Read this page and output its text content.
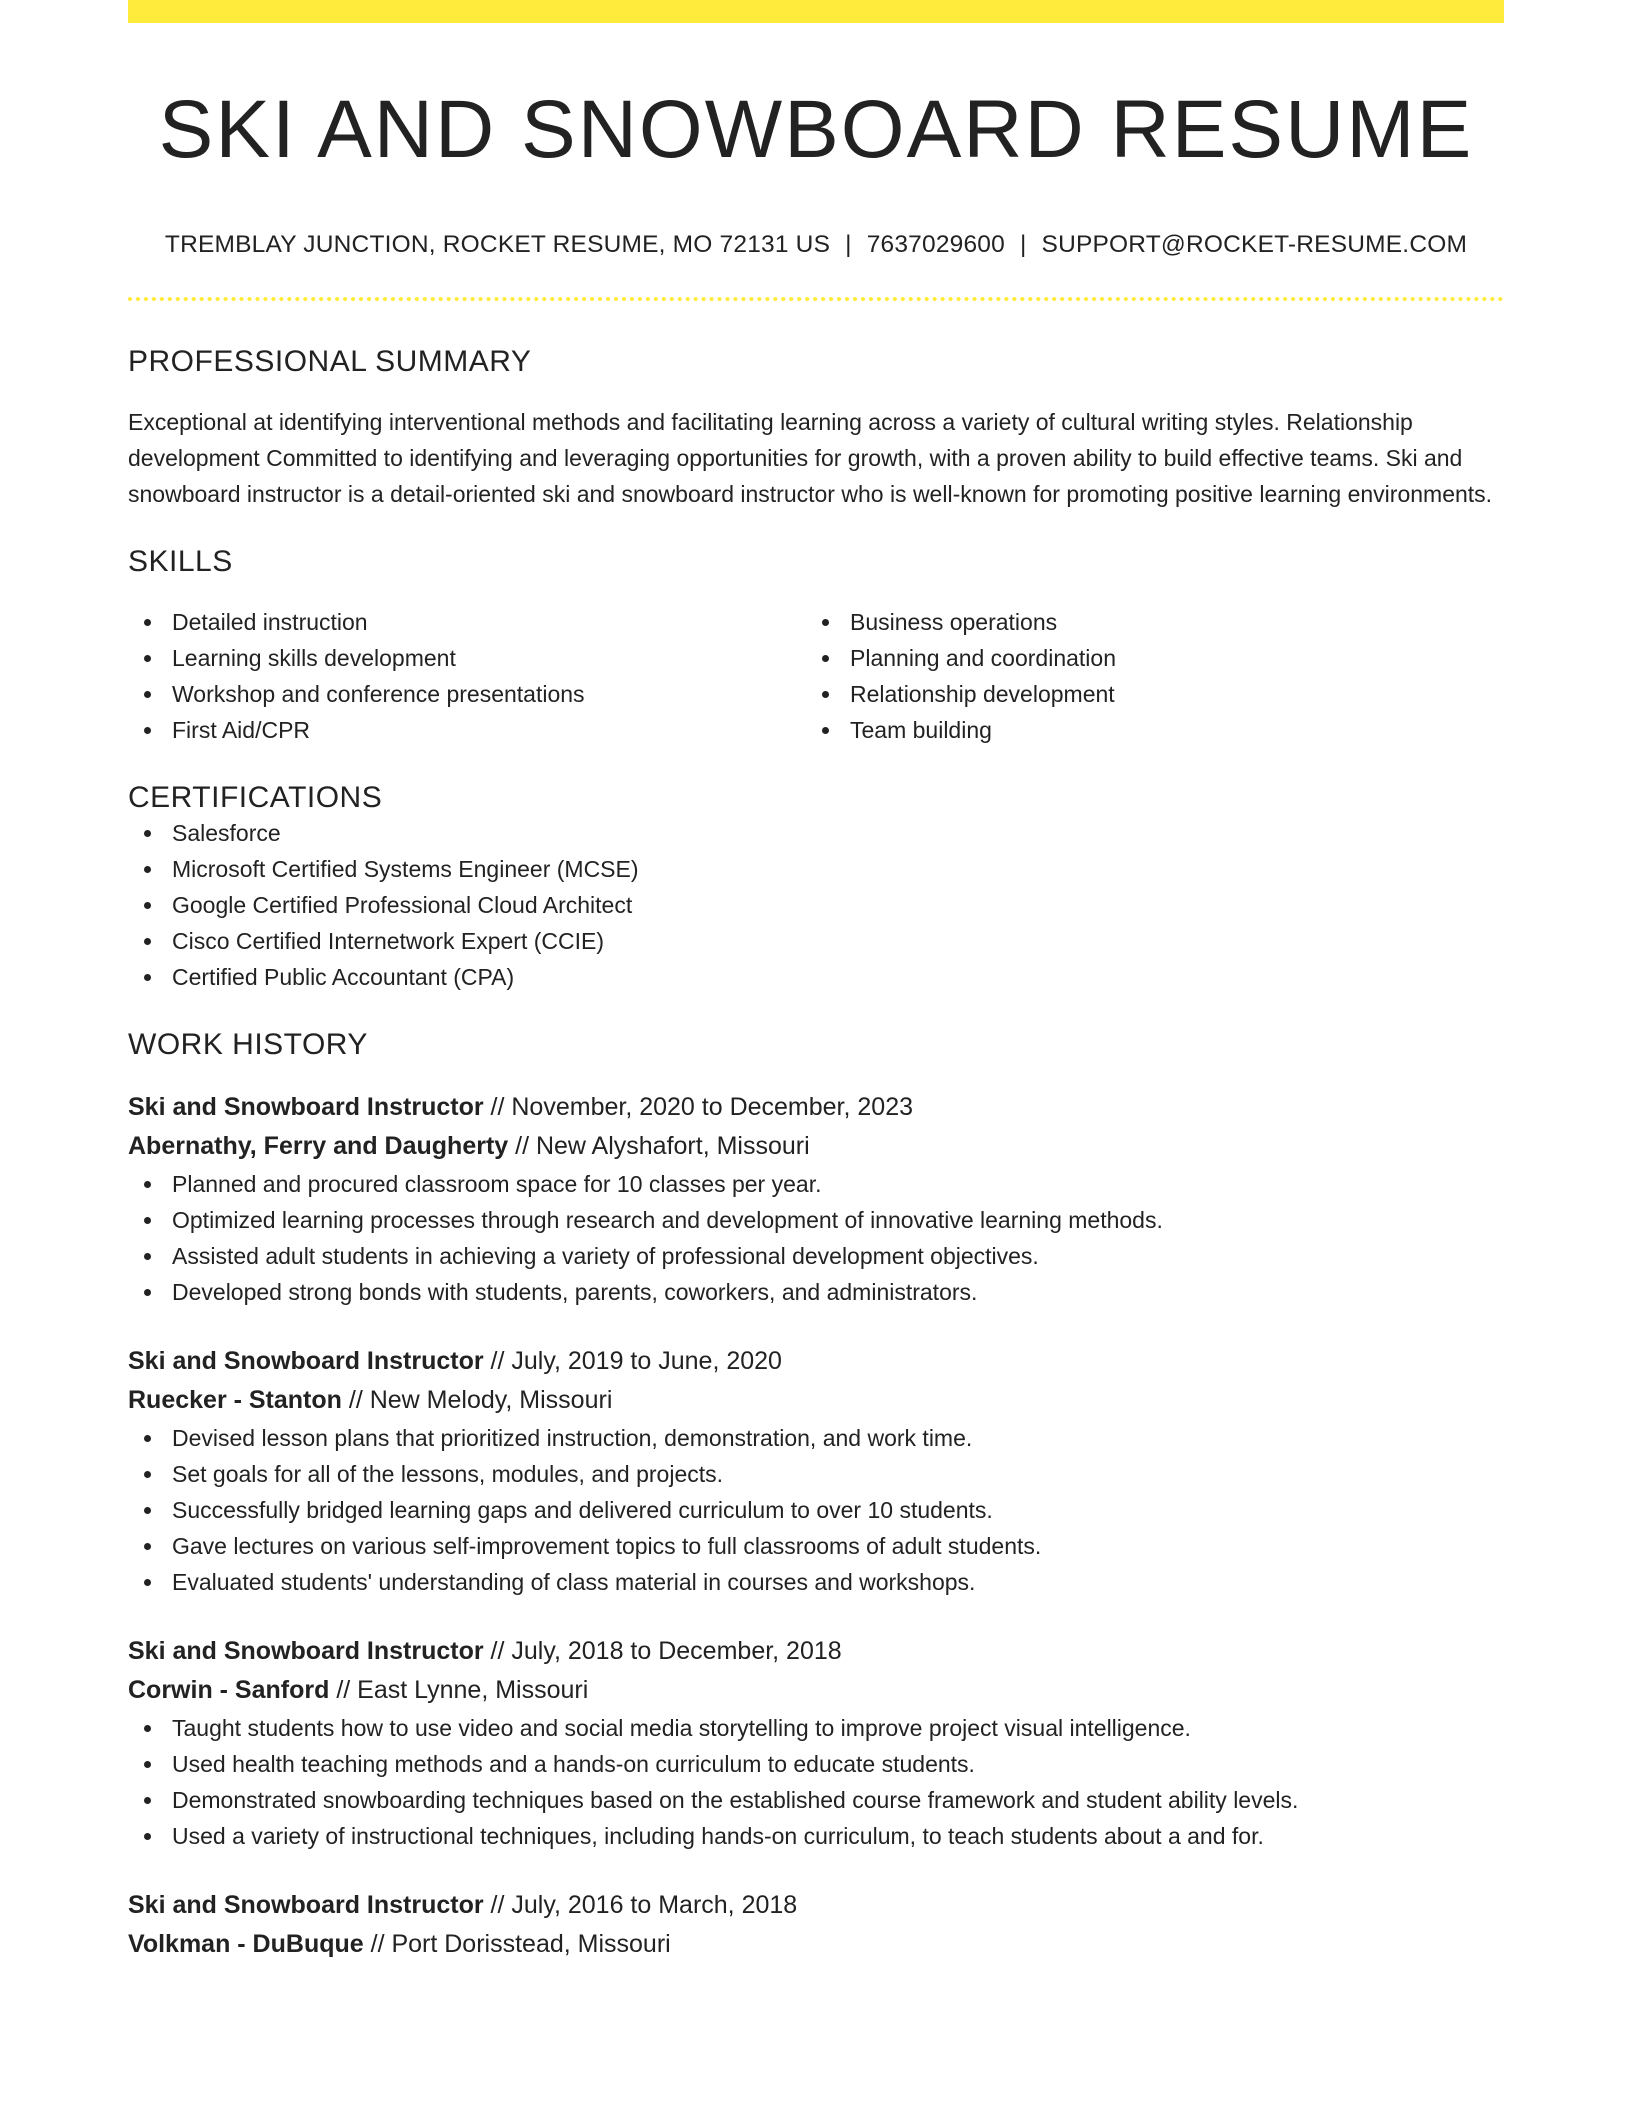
SKI AND SNOWBOARD RESUME
TREMBLAY JUNCTION, ROCKET RESUME, MO 72131 US | 7637029600 | SUPPORT@ROCKET-RESUME.COM
PROFESSIONAL SUMMARY

Exceptional at identifying interventional methods and facilitating learning across a variety of cultural writing styles. Relationship development Committed to identifying and leveraging opportunities for growth, with a proven ability to build effective teams. Ski and snowboard instructor is a detail-oriented ski and snowboard instructor who is well-known for promoting positive learning environments.

SKILLS
Detailed instruction
Learning skills development
Workshop and conference presentations
First Aid/CPR
Business operations
Planning and coordination
Relationship development
Team building
CERTIFICATIONS
Salesforce
Microsoft Certified Systems Engineer (MCSE)
Google Certified Professional Cloud Architect
Cisco Certified Internetwork Expert (CCIE)
Certified Public Accountant (CPA)
WORK HISTORY
Ski and Snowboard Instructor // November, 2020 to December, 2023
Abernathy, Ferry and Daugherty // New Alyshafort, Missouri
Planned and procured classroom space for 10 classes per year.
Optimized learning processes through research and development of innovative learning methods.
Assisted adult students in achieving a variety of professional development objectives.
Developed strong bonds with students, parents, coworkers, and administrators.
Ski and Snowboard Instructor // July, 2019 to June, 2020
Ruecker - Stanton // New Melody, Missouri
Devised lesson plans that prioritized instruction, demonstration, and work time.
Set goals for all of the lessons, modules, and projects.
Successfully bridged learning gaps and delivered curriculum to over 10 students.
Gave lectures on various self-improvement topics to full classrooms of adult students.
Evaluated students' understanding of class material in courses and workshops.
Ski and Snowboard Instructor // July, 2018 to December, 2018
Corwin - Sanford // East Lynne, Missouri
Taught students how to use video and social media storytelling to improve project visual intelligence.
Used health teaching methods and a hands-on curriculum to educate students.
Demonstrated snowboarding techniques based on the established course framework and student ability levels.
Used a variety of instructional techniques, including hands-on curriculum, to teach students about a and for.
Ski and Snowboard Instructor // July, 2016 to March, 2018
Volkman - DuBuque // Port Dorisstead, Missouri
